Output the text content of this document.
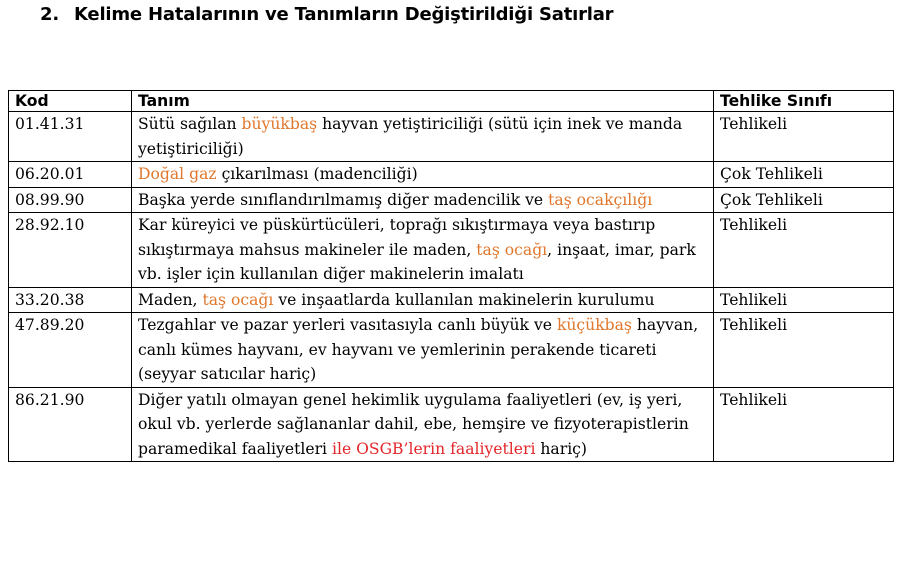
2. Kelime Hatalarının ve Tanımların Değiştirildiği Satırlar
Kod	Tanım	Tehlike Sınıfı
01.41.31	Sütü sağılan büyükbaş hayvan yetiştiriciliği (sütü için inek ve manda yetiştiriciliği)	Tehlikeli
06.20.01	Doğal gaz çıkarılması (madenciliği)	Çok Tehlikeli
08.99.90	Başka yerde sınıflandırılmamış diğer madencilik ve taş ocakçılığı	Çok Tehlikeli
28.92.10	Kar küreyici ve püskürtücüleri, toprağı sıkıştırmaya veya bastırıp sıkıştırmaya mahsus makineler ile maden, taş ocağı, inşaat, imar, park vb. işler için kullanılan diğer makinelerin imalatı	Tehlikeli
33.20.38	Maden, taş ocağı ve inşaatlarda kullanılan makinelerin kurulumu	Tehlikeli
47.89.20	Tezgahlar ve pazar yerleri vasıtasıyla canlı büyük ve küçükbaş hayvan, canlı kümes hayvanı, ev hayvanı ve yemlerinin perakende ticareti (seyyar satıcılar hariç)	Tehlikeli
86.21.90	Diğer yatılı olmayan genel hekimlik uygulama faaliyetleri (ev, iş yeri, okul vb. yerlerde sağlananlar dahil, ebe, hemşire ve fizyoterapistlerin paramedikal faaliyetleri ile OSGB’lerin faaliyetleri hariç)	Tehlikeli
